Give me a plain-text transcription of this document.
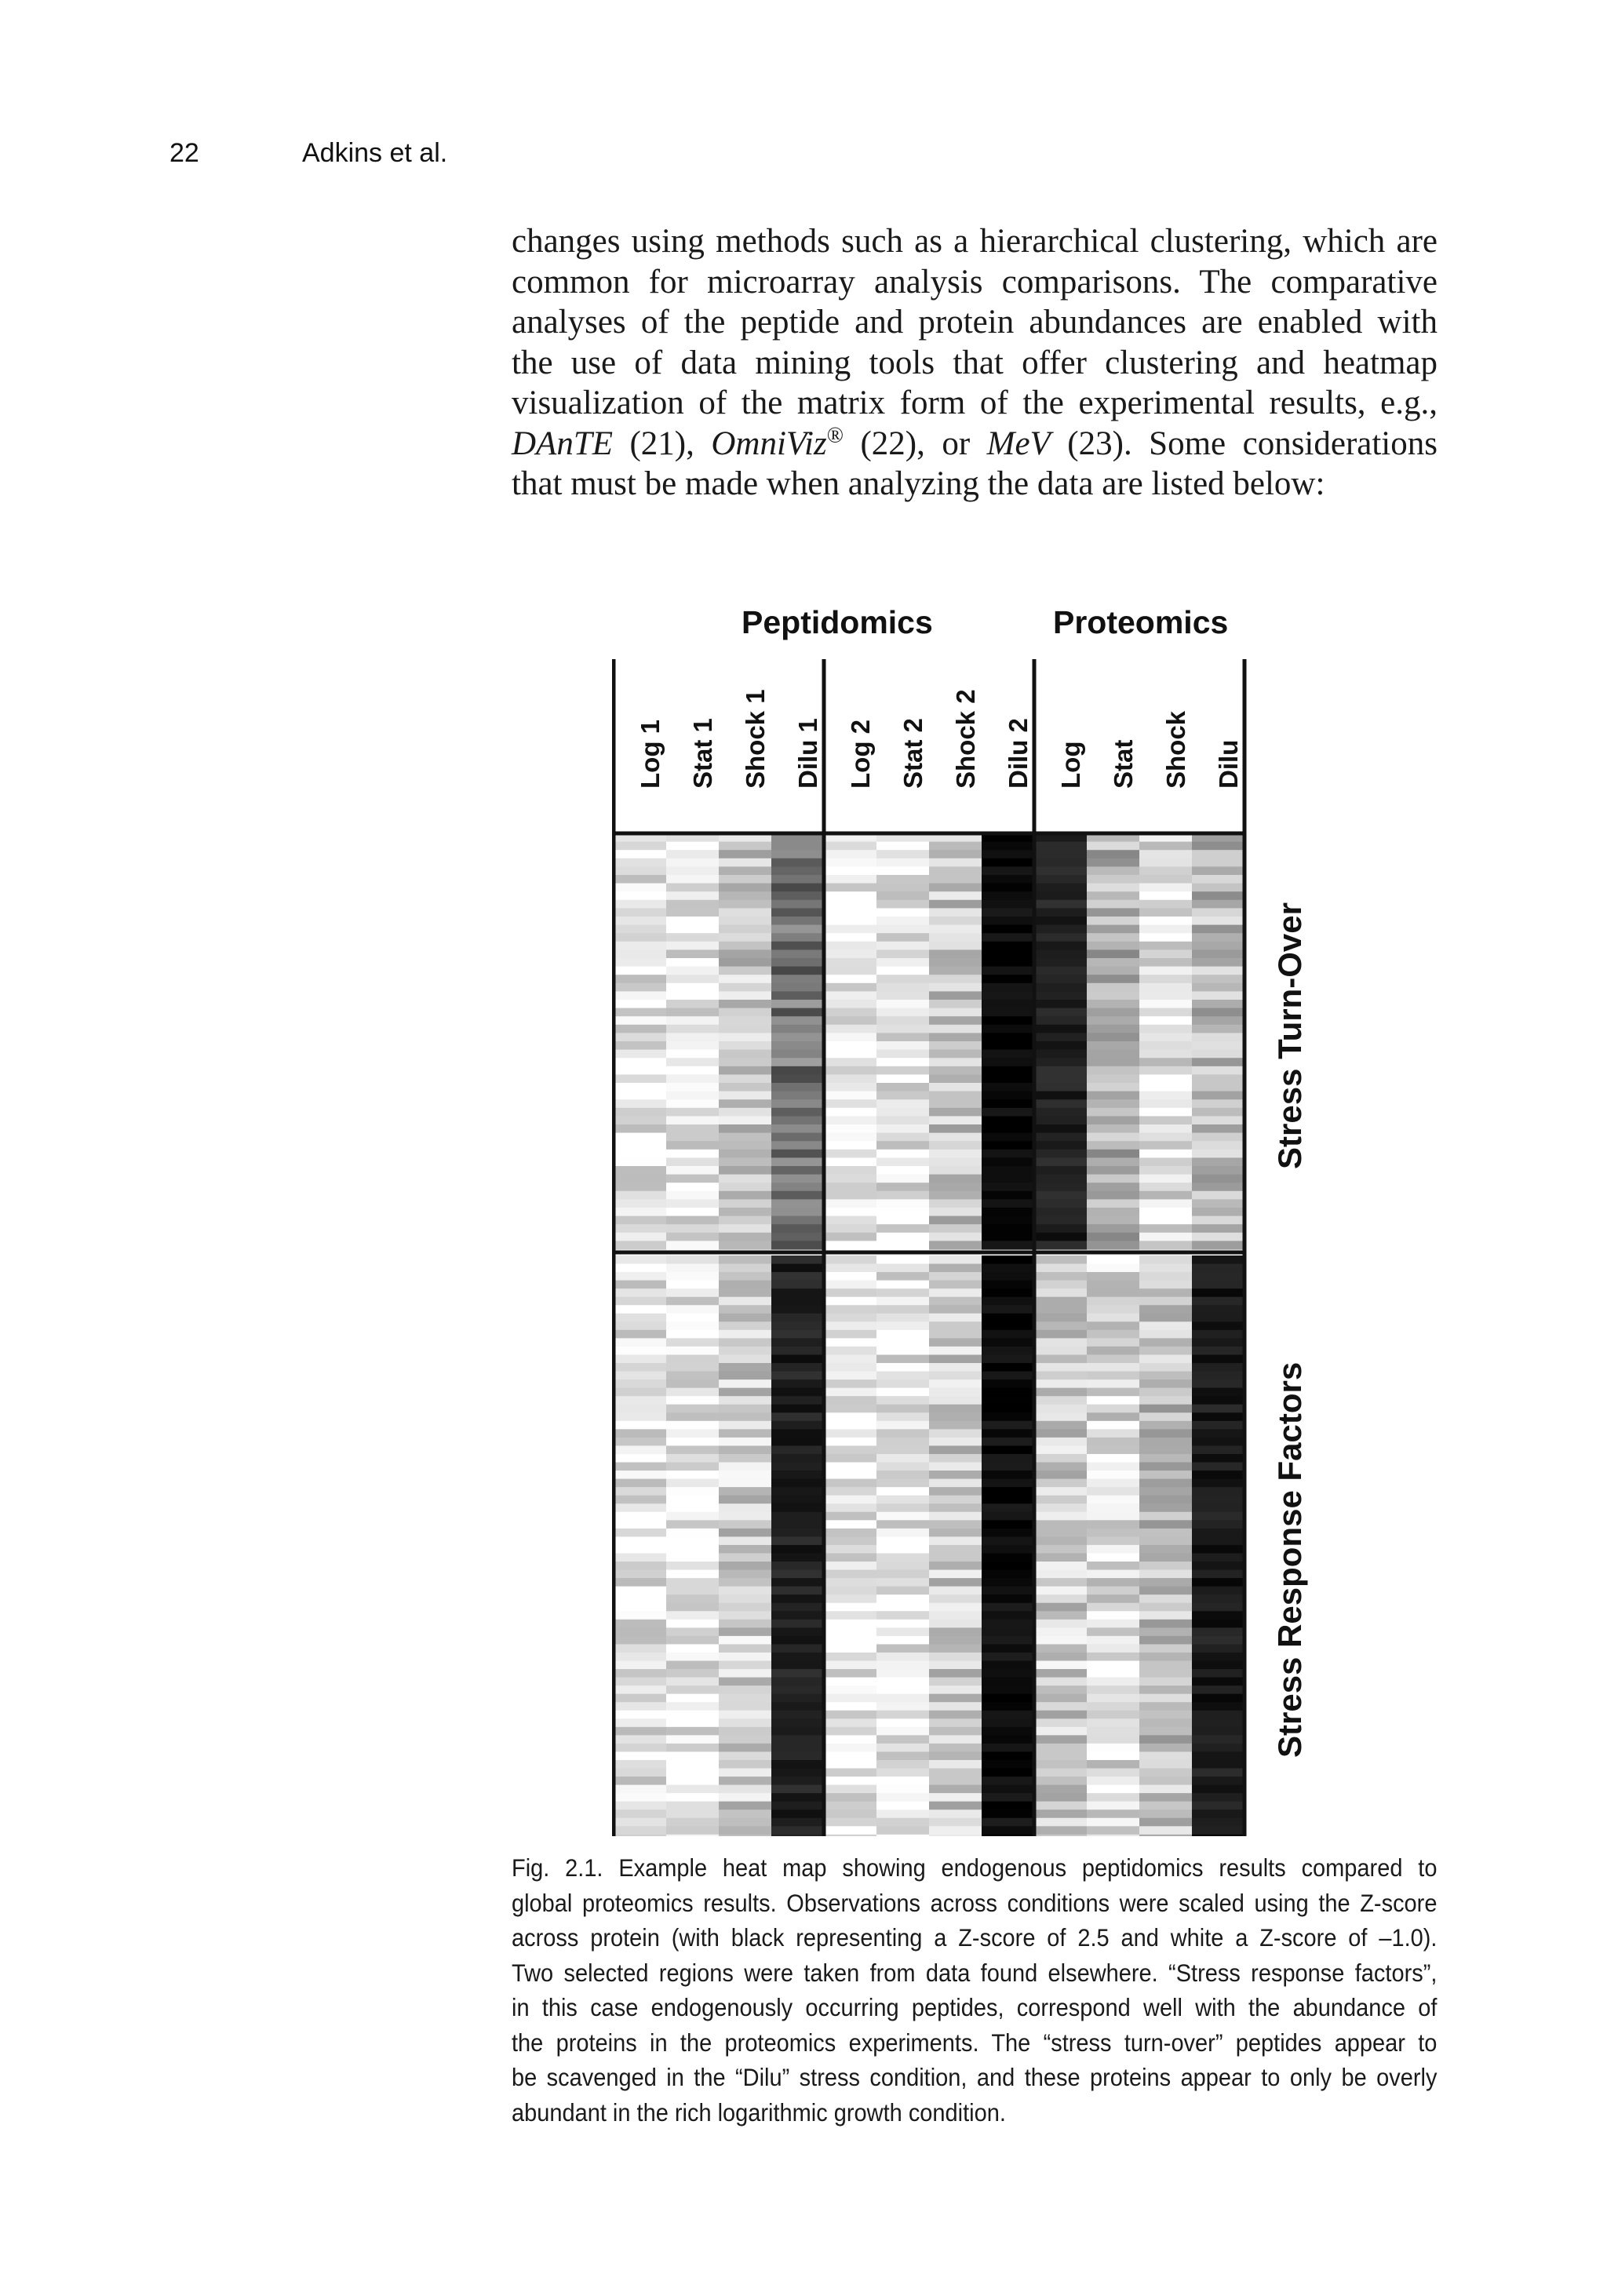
22	Adkins et al.
changes using methods such as a hierarchical clustering, which are
common for microarray analysis comparisons. The comparative
analyses of the peptide and protein abundances are enabled with
the use of data mining tools that offer clustering and heatmap
visualization of the matrix form of the experimental results, e.g.,
DAnTE (21), OmniViz® (22), or MeV (23). Some considerations
that must be made when analyzing the data are listed below:
Peptidomics	Proteomics
Log 1 Stat 1 Shock 1 Dilu 1 Log 2 Stat 2 Shock 2 Dilu 2 Log Stat Shock Dilu
Stress Turn-Over
Stress Response Factors
Fig. 2.1. Example heat map showing endogenous peptidomics results compared to
global proteomics results. Observations across conditions were scaled using the Z-score
across protein (with black representing a Z-score of 2.5 and white a Z-score of –1.0).
Two selected regions were taken from data found elsewhere. “Stress response factors”,
in this case endogenously occurring peptides, correspond well with the abundance of
the proteins in the proteomics experiments. The “stress turn-over” peptides appear to
be scavenged in the “Dilu” stress condition, and these proteins appear to only be overly
abundant in the rich logarithmic growth condition.
